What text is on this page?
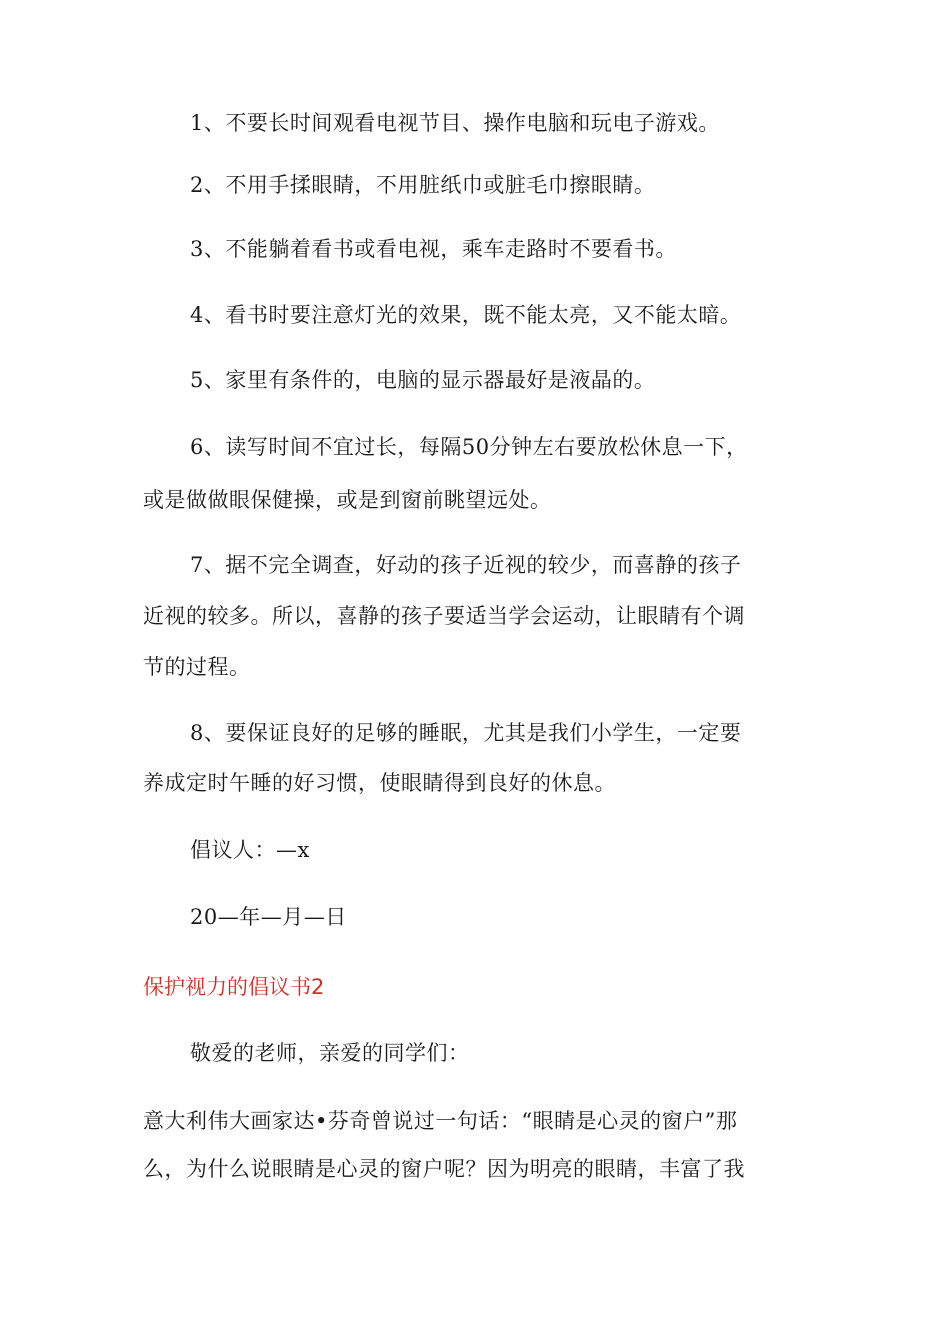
1、不要长时间观看电视节目、操作电脑和玩电子游戏。
2、不用手揉眼睛，不用脏纸巾或脏毛巾擦眼睛。
3、不能躺着看书或看电视，乘车走路时不要看书。
4、看书时要注意灯光的效果，既不能太亮，又不能太暗。
5、家里有条件的，电脑的显示器最好是液晶的。
6、读写时间不宜过长，每隔50分钟左右要放松休息一下，
或是做做眼保健操，或是到窗前眺望远处。
7、据不完全调查，好动的孩子近视的较少，而喜静的孩子
近视的较多。所以，喜静的孩子要适当学会运动，让眼睛有个调
节的过程。
8、要保证良好的足够的睡眠，尤其是我们小学生，一定要
养成定时午睡的好习惯，使眼睛得到良好的休息。
倡议人：—x
20—年—月—日
保护视力的倡议书2
敬爱的老师，亲爱的同学们：
意大利伟大画家达•芬奇曾说过一句话：“眼睛是心灵的窗户”那
么，为什么说眼睛是心灵的窗户呢？因为明亮的眼睛，丰富了我
